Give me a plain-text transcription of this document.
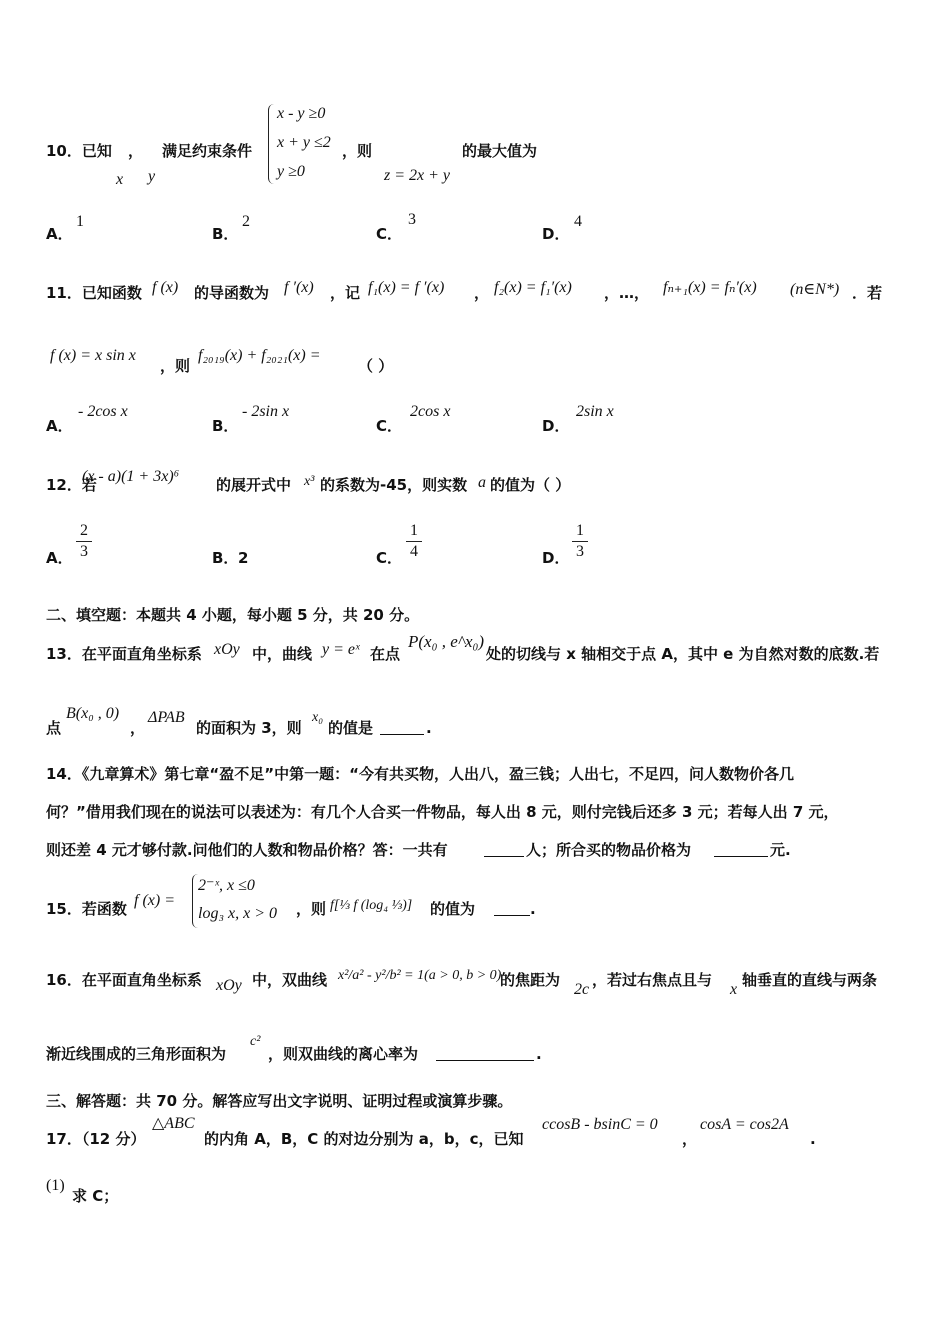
10．已知 ，
x y
满足约束条件
x - y ≥0
x + y ≤2
y ≥0
，则
z = 2x + y
的最大值为
A．
1
B．
2
C．
3
D．
4
11．已知函数 f (x) 的导函数为 f ′(x) ，记 f₁(x) = f ′(x) ， f₂(x) = f₁′(x) ，…， fₙ₊₁(x) = fₙ′(x) (n∈N*) ．若
f (x) = x sin x
，则
f₂₀₁₉(x) + f₂₀₂₁(x) =
（ ）
A．
- 2cos x
B．
- 2sin x
C．
2cos x
D．
2sin x
12．若
(x - a)(1 + 3x)⁶ 的展开式中 x³ 的系数为-45，则实数 a 的值为（ ）
A．
2
3	B． 2	C．
1
4	D．
1
3
二、填空题：本题共 4 小题，每小题 5 分，共 20 分。
13．在平面直角坐标系 xOy 中，曲线 y = eˣ 在点
P(x₀ , e^x₀)
处的切线与 x 轴相交于点 A，其中 e 为自然对数的底数.若
点
B(x₀ , 0)
，
ΔPAB
的面积为 3，则
x₀
的值是	.
14．《九章算术》第七章“盈不足”中第一题：“今有共买物，人出八，盈三钱；人出七，不足四，问人数物价各几
何？”借用我们现在的说法可以表述为：有几个人合买一件物品，每人出 8 元，则付完钱后还多 3 元；若每人出 7 元，
则还差 4 元才够付款.问他们的人数和物品价格？答：一共有	人；所合买的物品价格为	元.
15．若函数 f (x) =
2⁻ˣ, x ≤0
log₃ x, x > 0 ，则 f[⅓ f (log₄ ⅓)] 的值为	.
16．在平面直角坐标系 xOy 中，双曲线 x²/a² - y²/b² = 1(a > 0, b > 0)
的焦距为
2c
，若过右焦点且与
x
轴垂直的直线与两条
渐近线围成的三角形面积为
c²
，则双曲线的离心率为	.
三、解答题：共 70 分。解答应写出文字说明、证明过程或演算步骤。
17．（12 分）
△ABC
的内角 A，B，C 的对边分别为 a，b，c，已知
ccosB - bsinC = 0
，
cosA = cos2A
.
(1)
求 C；
